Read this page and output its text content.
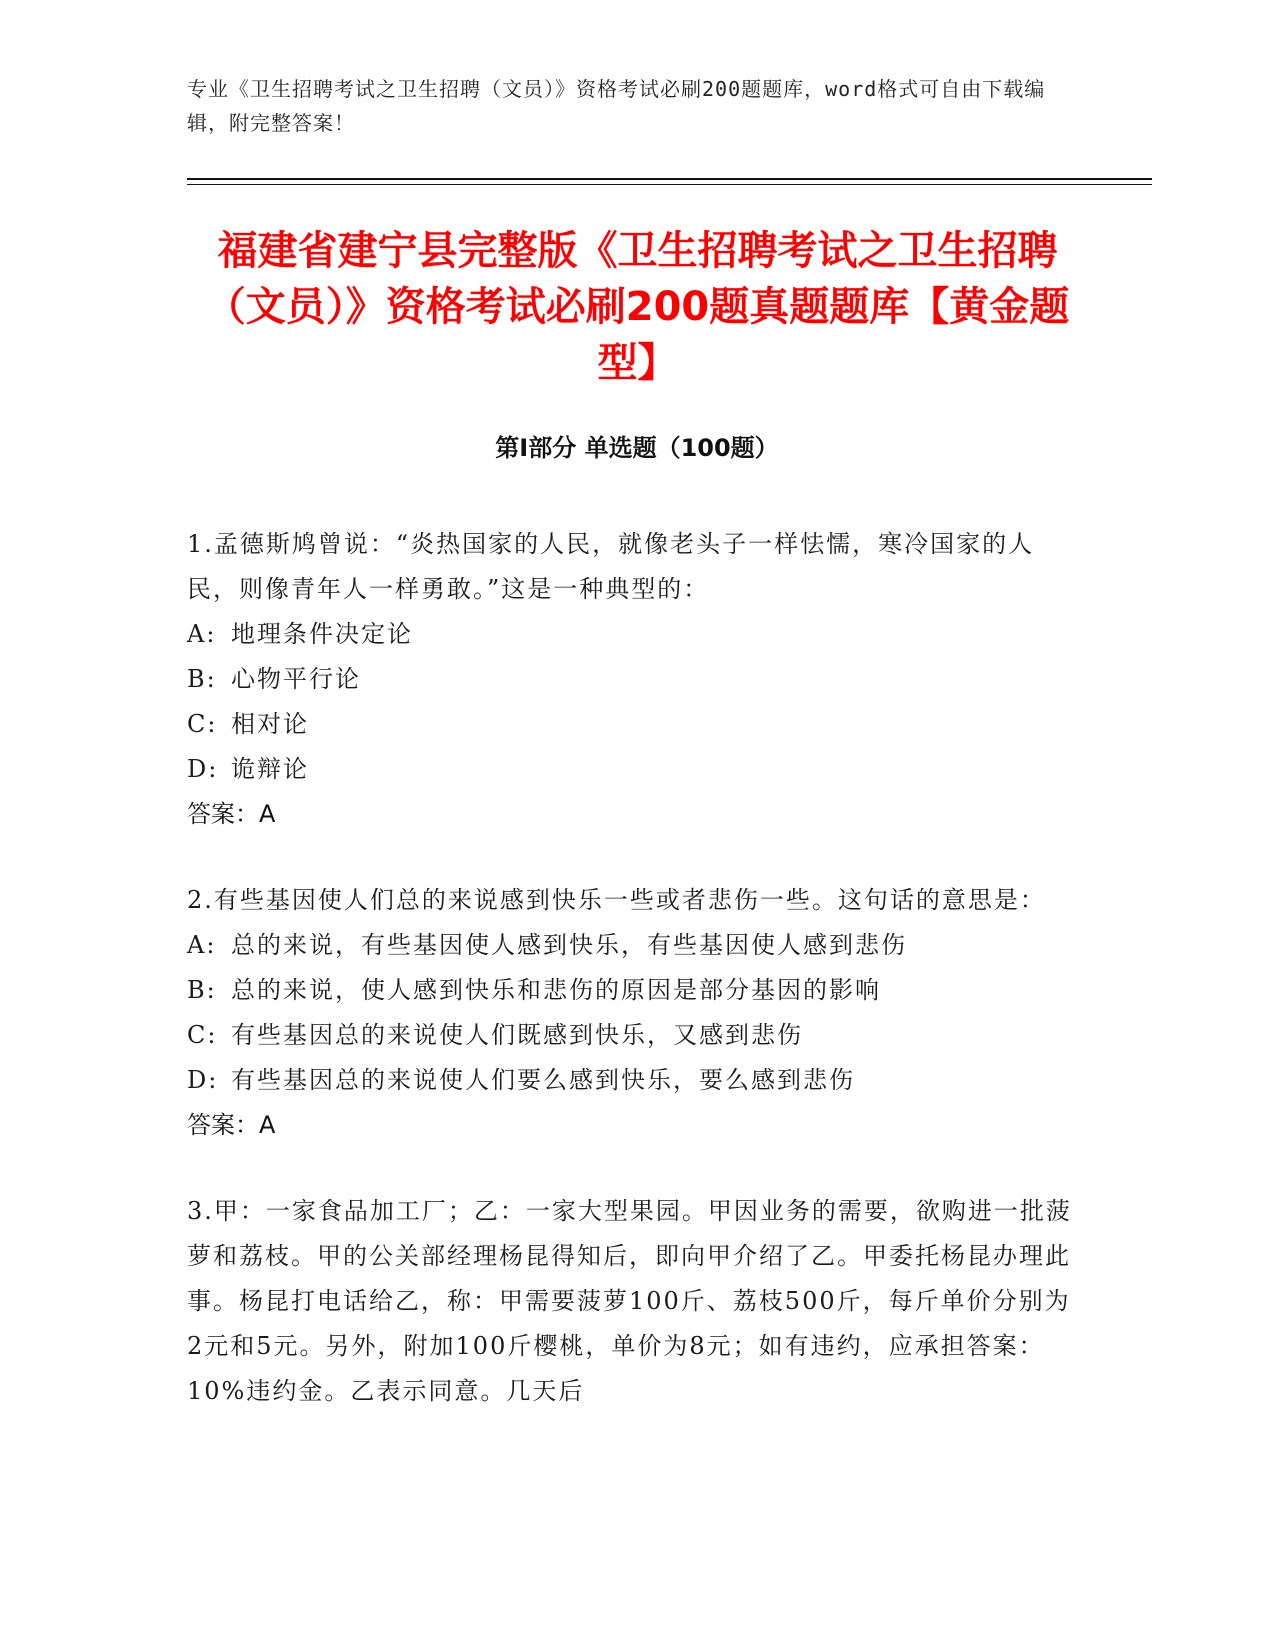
专业《卫生招聘考试之卫生招聘（文员）》资格考试必刷200题题库，word格式可自由下载编辑，附完整答案！
福建省建宁县完整版《卫生招聘考试之卫生招聘（文员）》资格考试必刷200题真题题库【黄金题型】
第I部分 单选题（100题）

1.孟德斯鸠曾说：“炎热国家的人民，就像老头子一样怯懦，寒冷国家的人民，则像青年人一样勇敢。”这是一种典型的：

A: 地理条件决定论

B: 心物平行论

C: 相对论

D: 诡辩论

答案：A

2.有些基因使人们总的来说感到快乐一些或者悲伤一些。这句话的意思是：

A: 总的来说，有些基因使人感到快乐，有些基因使人感到悲伤

B: 总的来说，使人感到快乐和悲伤的原因是部分基因的影响

C: 有些基因总的来说使人们既感到快乐，又感到悲伤

D: 有些基因总的来说使人们要么感到快乐，要么感到悲伤

答案：A

3.甲：一家食品加工厂；乙：一家大型果园。甲因业务的需要，欲购进一批菠萝和荔枝。甲的公关部经理杨昆得知后，即向甲介绍了乙。甲委托杨昆办理此事。杨昆打电话给乙，称：甲需要菠萝100斤、荔枝500斤，每斤单价分别为2元和5元。另外，附加100斤樱桃，单价为8元；如有违约，应承担答案：10%违约金。乙表示同意。几天后
